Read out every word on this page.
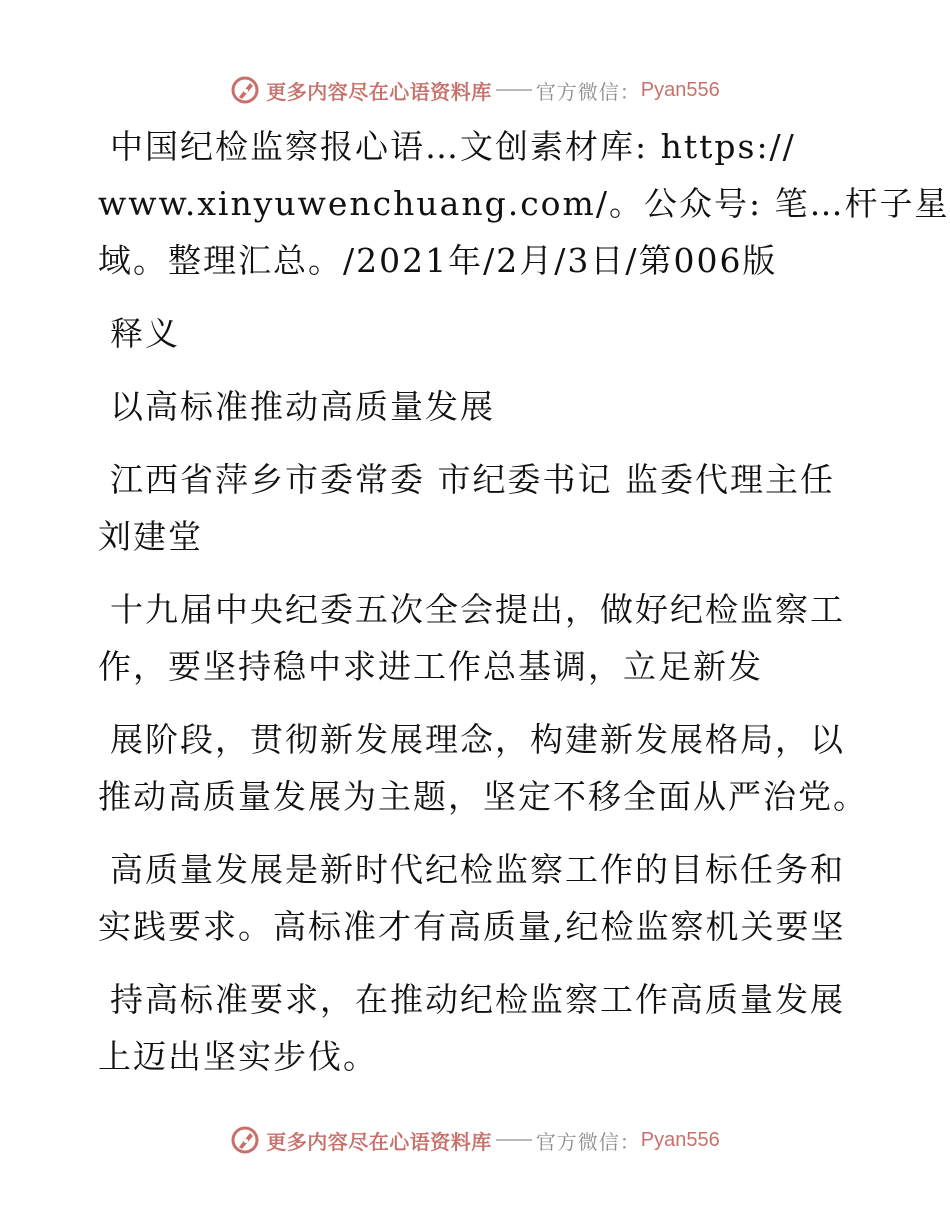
更多内容尽在心语资料库 官方微信： Pyan556
中国纪检监察报心语…文创素材库: https://
www.xinyuwenchuang.com/。公众号: 笔…杆子星
域。整理汇总。/2021年/2月/3日/第006版
释义
以高标准推动高质量发展
江西省萍乡市委常委 市纪委书记 监委代理主任
刘建堂
十九届中央纪委五次全会提出，做好纪检监察工
作，要坚持稳中求进工作总基调，立足新发
展阶段，贯彻新发展理念，构建新发展格局，以
推动高质量发展为主题，坚定不移全面从严治党。
高质量发展是新时代纪检监察工作的目标任务和
实践要求。高标准才有高质量,纪检监察机关要坚
持高标准要求，在推动纪检监察工作高质量发展
上迈出坚实步伐。
更多内容尽在心语资料库 官方微信： Pyan556
